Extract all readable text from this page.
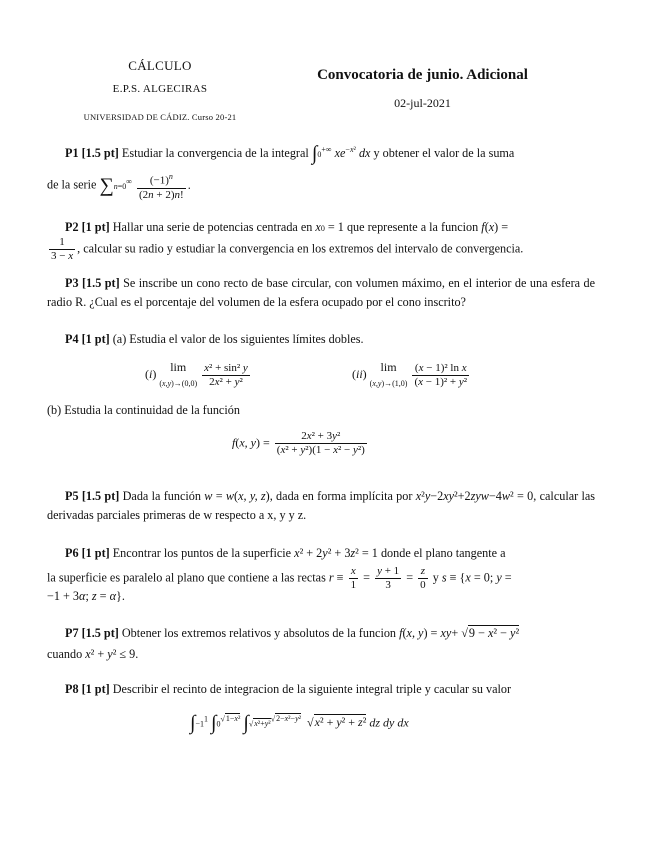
CÁLCULO
E.P.S. ALGECIRAS
UNIVERSIDAD DE CÁDIZ. Curso 20-21
Convocatoria de junio. Adicional
02-jul-2021
P1 [1.5 pt] Estudiar la convergencia de la integral ∫0+∞ $xe^{-x^2}$ dx y obtener el valor de la suma
de la serie $\sum n=0^\infty \frac{(-1)^n}{(2n + 2)n!}$ .
P2 [1 pt] Hallar una serie de potencias centrada en x0 = 1 que represente a la funcion f(x) =
$\frac{1}{3 - x}$ , calcular su radio y estudiar la convergencia en los extremos del intervalo de convergencia.
P3 [1.5 pt] Se inscribe un cono recto de base circular, con volumen máximo, en el interior de una esfera de radio R. ¿Cual es el porcentaje del volumen de la esfera ocupado por el cono inscrito?
P4 [1 pt] (a) Estudia el valor de los siguientes límites dobles.
(i) lim
$(x,y)\to(0,0) \frac{\text{x² + sin² y}}{\text{2x² + y²}}$	(ii) lim
$(x,y)\to(1,0) \frac{\text{(x − 1)² ln x}}{\text{(x − 1)² + y²}}$
(b) Estudia la continuidad de la función
f(x, $y) = \frac{\text{2x² + 3y²}}{\text{(x² + y²)(1 − x² − y²)}}$
P5 [1.5 pt] Dada la función w = w(x, y, z), dada en forma implícita por x²y−2xy²+2zyw−4w² = 0, calcular las derivadas parciales primeras de w respecto a x, y y z.
P6 [1 pt] Encontrar los puntos de la superficie x² + 2y² + 3z² = 1 donde el plano tangente a
la superficie es paralelo al plano que contiene a las rectas $r \equiv \frac{x}{1} = \frac{y + 1}{3} = \frac{z}{0}$ y s ≡ {x = 0; y =
−1 + 3α; z = α}.
P7 [1.5 pt] Obtener los extremos relativos y absolutos de la funcion f(x, y) = xy+ √9 − x² − y²
cuando x² + y² ≤ 9.
P8 [1 pt] Describir el recinto de integracion de la siguiente integral triple y cacular su valor
$\int-1^1$ $\int 0^{√1-x^2}$ ∫√x²+y²$^{√2-x^2-y^2}$  √x² + y² + z² dz dy dx
